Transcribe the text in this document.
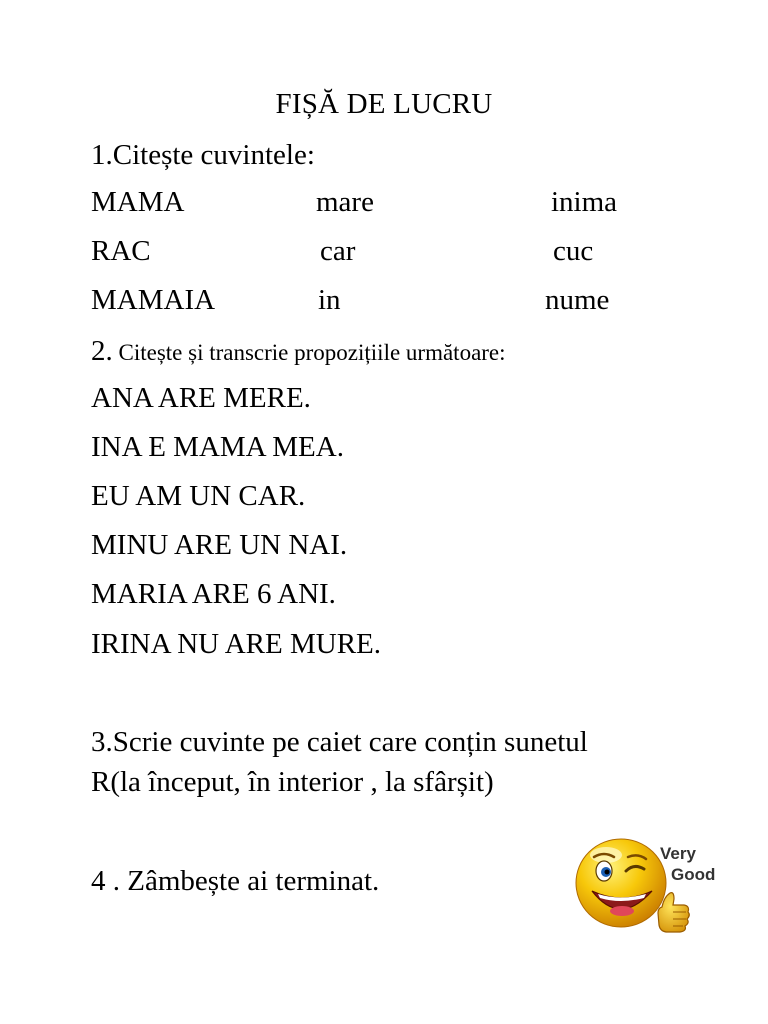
FIȘĂ DE LUCRU
1.Citește cuvintele:
MAMA	mare	inima
RAC	car	cuc
MAMAIA	in	nume
2. Citește și transcrie propozițiile următoare:
ANA ARE MERE.
INA E MAMA MEA.
EU AM UN CAR.
MINU ARE UN NAI.
MARIA ARE 6 ANI.
IRINA NU ARE MURE.
3.Scrie cuvinte pe caiet care conțin sunetul
R(la început, în interior , la sfârșit)
4 . Zâmbește ai terminat.
Very
Good
